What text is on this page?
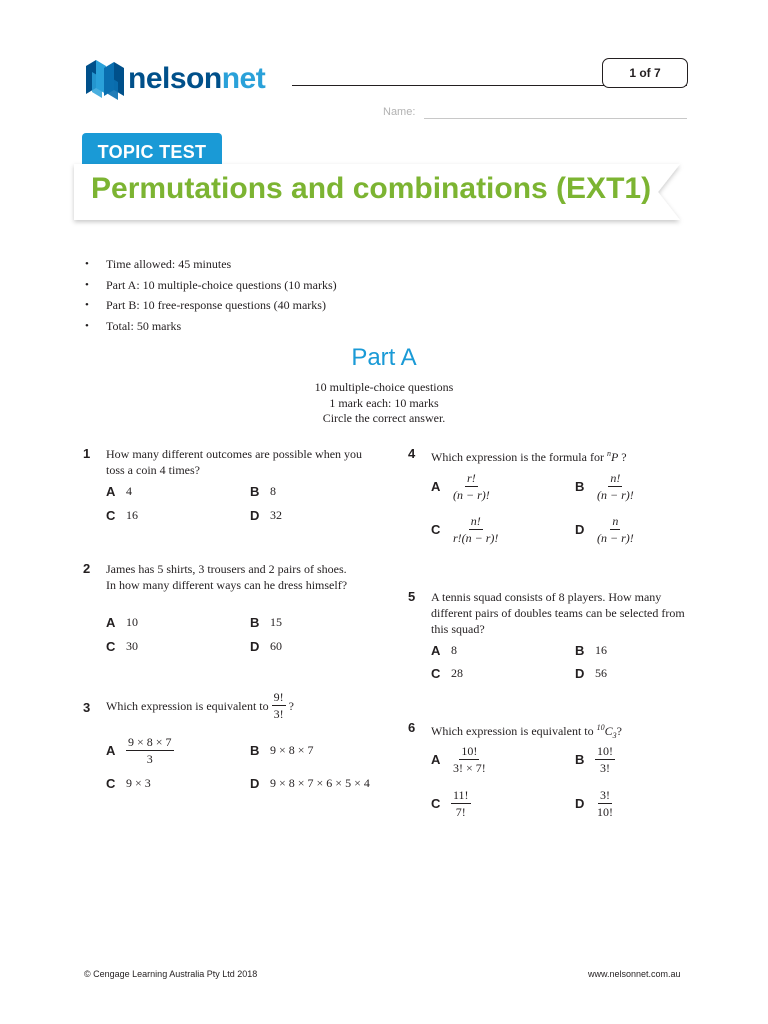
nelsonnet	1 of 7
Name:
TOPIC TEST
Permutations and combinations (EXT1)
• Time allowed: 45 minutes
• Part A: 10 multiple-choice questions (10 marks)
• Part B: 10 free-response questions (40 marks)
• Total: 50 marks
Part A
10 multiple-choice questions
1 mark each: 10 marks
Circle the correct answer.
1 How many different outcomes are possible when you toss a coin 4 times?
A 4	B 8
C 16	D 32
2 James has 5 shirts, 3 trousers and 2 pairs of shoes. In how many different ways can he dress himself?
A 10	B 15
C 30	D 60
3 Which expression is equivalent to
$\frac{9!}{3!}$
?
A $\frac{9 \times 8 \times 7}{3}$	B 9 × 8 × 7
C 9 × 3	D 9 × 8 × 7 × 6 × 5 × 4
4 Which expression is the formula for $^n$P ?
A $\frac{r!}{(n - r)!}$	B $\frac{n!}{(n - r)!}$
C $\frac{n!}{r!(n - r)!}$	D $\frac{n}{(n - r)!}$
5 A tennis squad consists of 8 players. How many different pairs of doubles teams can be selected from this squad?
A 8	B 16
C 28	D 56
6 Which expression is equivalent to $^{10}C_3$?
A $\frac{10!}{3! \times 7!}$	B $\frac{10!}{3!}$
C $\frac{11!}{7!}$	D $\frac{3!}{10!}$
© Cengage Learning Australia Pty Ltd 2018	www.nelsonnet.com.au
